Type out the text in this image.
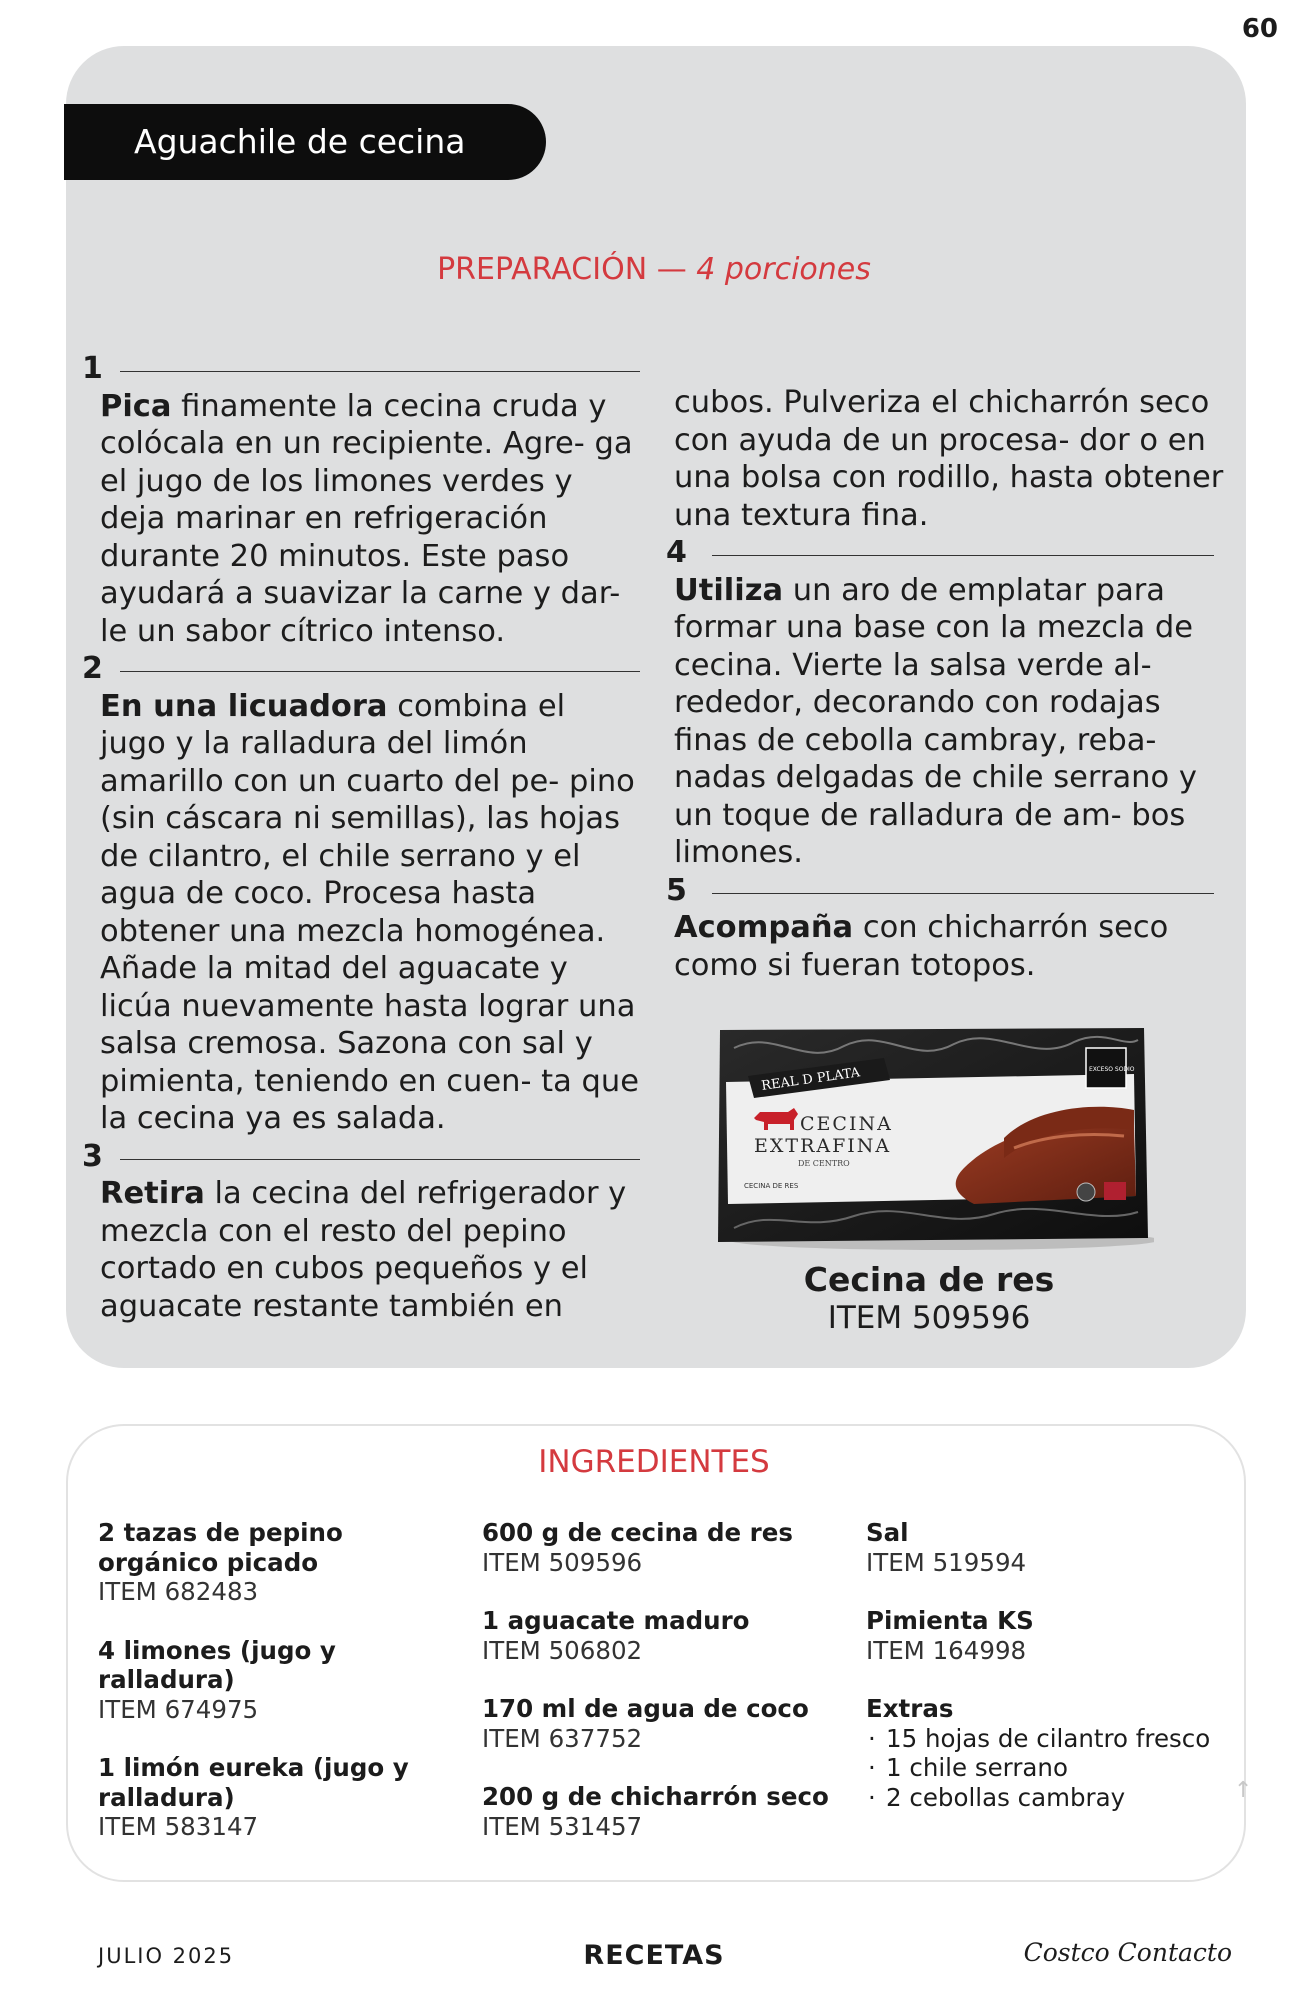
60
Aguachile de cecina
PREPARACIÓN — 4 porciones
1
Pica finamente la cecina cruda y colócala en un recipiente. Agre- ga el jugo de los limones verdes y deja marinar en refrigeración durante 20 minutos. Este paso ayudará a suavizar la carne y dar- le un sabor cítrico intenso.
2
En una licuadora combina el jugo y la ralladura del limón amarillo con un cuarto del pe- pino (sin cáscara ni semillas), las hojas de cilantro, el chile serrano y el agua de coco. Procesa hasta obtener una mezcla homogénea. Añade la mitad del aguacate y licúa nuevamente hasta lograr una salsa cremosa. Sazona con sal y pimienta, teniendo en cuen- ta que la cecina ya es salada.
3
Retira la cecina del refrigerador y mezcla con el resto del pepino cortado en cubos pequeños y el aguacate restante también en
cubos. Pulveriza el chicharrón seco con ayuda de un procesa- dor o en una bolsa con rodillo, hasta obtener una textura fina.
4
Utiliza un aro de emplatar para formar una base con la mezcla de cecina. Vierte la salsa verde al- rededor, decorando con rodajas finas de cebolla cambray, reba- nadas delgadas de chile serrano y un toque de ralladura de am- bos limones.
5
Acompaña con chicharrón seco como si fueran totopos.
REAL D PLATA
CECINA
EXTRAFINA
DE CENTRO
CECINA DE RES
EXCESO SODIO
Cecina de res
ITEM 509596
INGREDIENTES
2 tazas de pepino orgánico picado
ITEM 682483
4 limones (jugo y ralladura)
ITEM 674975
1 limón eureka (jugo y ralladura)
ITEM 583147
600 g de cecina de res
ITEM 509596
1 aguacate maduro
ITEM 506802
170 ml de agua de coco
ITEM 637752
200 g de chicharrón seco
ITEM 531457
Sal
ITEM 519594
Pimienta KS
ITEM 164998
Extras
· 15 hojas de cilantro fresco
· 1 chile serrano
· 2 cebollas cambray	↑
JULIO 2025	RECETAS	Costco Contacto
